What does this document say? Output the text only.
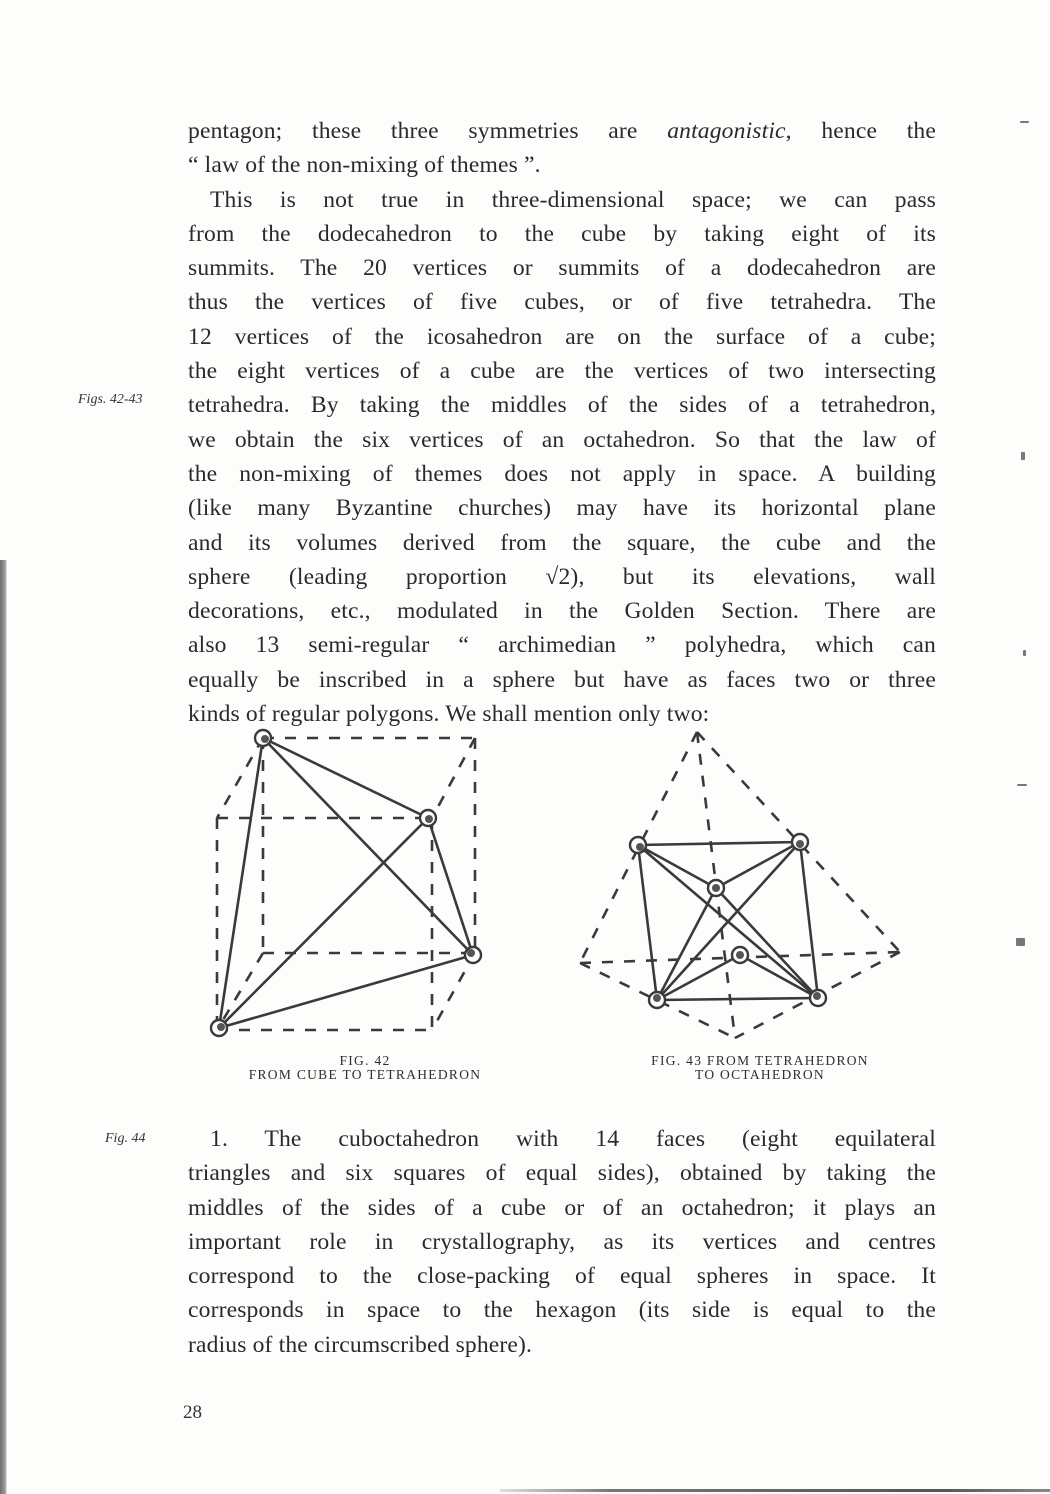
pentagon; these three symmetries are antagonistic, hence the
“ law of the non-mixing of themes ”.
This is not true in three-dimensional space; we can pass
from the dodecahedron to the cube by taking eight of its
summits. The 20 vertices or summits of a dodecahedron are
thus the vertices of five cubes, or of five tetrahedra. The
12 vertices of the icosahedron are on the surface of a cube;
the eight vertices of a cube are the vertices of two intersecting
tetrahedra. By taking the middles of the sides of a tetrahedron,
we obtain the six vertices of an octahedron. So that the law of
the non-mixing of themes does not apply in space. A building
(like many Byzantine churches) may have its horizontal plane
and its volumes derived from the square, the cube and the
sphere (leading proportion √2), but its elevations, wall
decorations, etc., modulated in the Golden Section. There are
also 13 semi-regular “ archimedian ” polyhedra, which can
equally be inscribed in a sphere but have as faces two or three
kinds of regular polygons. We shall mention only two:
Figs. 42-43
FIG. 42
FROM CUBE TO TETRAHEDRON
FIG. 43 FROM TETRAHEDRON
TO OCTAHEDRON
Fig. 44	1. The cuboctahedron with 14 faces (eight equilateral
triangles and six squares of equal sides), obtained by taking the
middles of the sides of a cube or of an octahedron; it plays an
important role in crystallography, as its vertices and centres
correspond to the close-packing of equal spheres in space. It
corresponds in space to the hexagon (its side is equal to the
radius of the circumscribed sphere).
28
